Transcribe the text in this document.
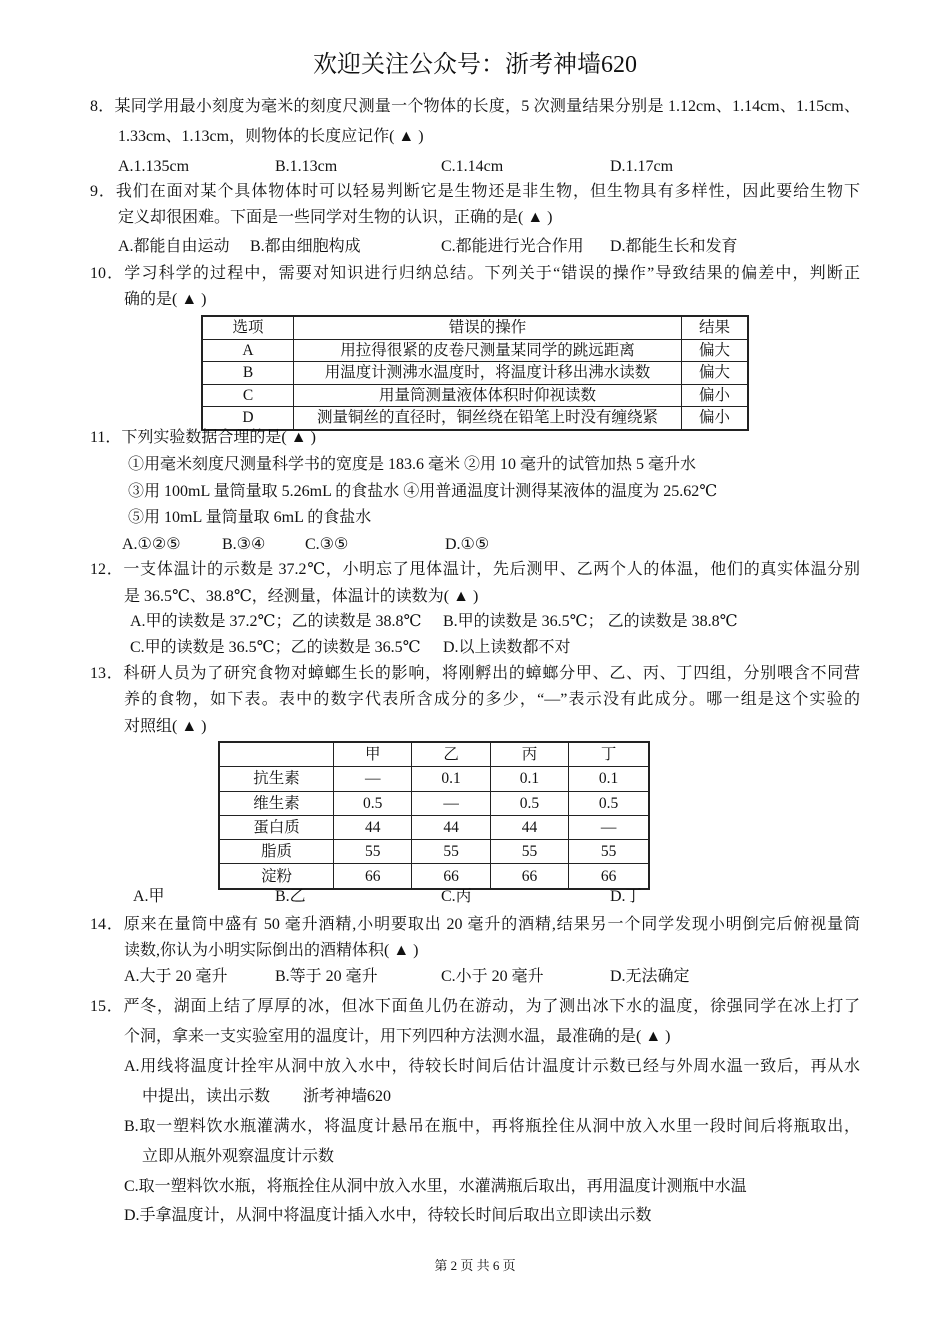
欢迎关注公众号：浙考神墙620
8．某同学用最小刻度为毫米的刻度尺测量一个物体的长度，5 次测量结果分别是 1.12cm、1.14cm、1.15cm、
1.33cm、1.13cm，则物体的长度应记作( ▲ )
A.1.135cm	B.1.13cm	C.1.14cm	D.1.17cm
9．我们在面对某个具体物体时可以轻易判断它是生物还是非生物，但生物具有多样性，因此要给生物下
定义却很困难。下面是一些同学对生物的认识，正确的是( ▲ )
A.都能自由运动 B.都由细胞构成	C.都能进行光合作用 D.都能生长和发育
10．学习科学的过程中，需要对知识进行归纳总结。下列关于“错误的操作”导致结果的偏差中，判断正
确的是( ▲ )
选项	错误的操作	结果
A	用拉得很紧的皮卷尺测量某同学的跳远距离	偏大
B	用温度计测沸水温度时，将温度计移出沸水读数	偏大
C	用量筒测量液体体积时仰视读数	偏小
D	测量铜丝的直径时，铜丝绕在铅笔上时没有缠绕紧	偏小
11．下列实验数据合理的是( ▲ )
①用毫米刻度尺测量科学书的宽度是 183.6 毫米 ②用 10 毫升的试管加热 5 毫升水
③用 100mL 量筒量取 5.26mL 的食盐水 ④用普通温度计测得某液体的温度为 25.62℃
⑤用 10mL 量筒量取 6mL 的食盐水
A.①②⑤	B.③④ C.③⑤	D.①⑤
12．一支体温计的示数是 37.2℃，小明忘了甩体温计，先后测甲、乙两个人的体温，他们的真实体温分别
是 36.5℃、38.8℃，经测量，体温计的读数为( ▲ )
A.甲的读数是 37.2℃；乙的读数是 38.8℃ B.甲的读数是 36.5℃； 乙的读数是 38.8℃
C.甲的读数是 36.5℃；乙的读数是 36.5℃ D.以上读数都不对
13．科研人员为了研究食物对蟑螂生长的影响，将刚孵出的蟑螂分甲、乙、丙、丁四组，分别喂含不同营
养的食物，如下表。表中的数字代表所含成分的多少，“—”表示没有此成分。哪一组是这个实验的
对照组( ▲ )
	甲	乙	丙	丁
抗生素	—	0.1	0.1	0.1
维生素	0.5	—	0.5	0.5
蛋白质	44	44	44	—
脂质	55	55	55	55
淀粉	66	66	66	66
A.甲	B.乙	C.丙	D.丁
14．原来在量筒中盛有 50 毫升酒精,小明要取出 20 毫升的酒精,结果另一个同学发现小明倒完后俯视量筒
读数,你认为小明实际倒出的酒精体积( ▲ )
A.大于 20 毫升	B.等于 20 毫升	C.小于 20 毫升	D.无法确定
15．严冬，湖面上结了厚厚的冰，但冰下面鱼儿仍在游动，为了测出冰下水的温度，徐强同学在冰上打了
个洞，拿来一支实验室用的温度计，用下列四种方法测水温，最准确的是( ▲ )
A.用线将温度计拴牢从洞中放入水中，待较长时间后估计温度计示数已经与外周水温一致后，再从水
中提出，读出示数 浙考神墙620
B.取一塑料饮水瓶灌满水，将温度计悬吊在瓶中，再将瓶拴住从洞中放入水里一段时间后将瓶取出，
立即从瓶外观察温度计示数
C.取一塑料饮水瓶，将瓶拴住从洞中放入水里，水灌满瓶后取出，再用温度计测瓶中水温
D.手拿温度计，从洞中将温度计插入水中，待较长时间后取出立即读出示数
第 2 页 共 6 页
